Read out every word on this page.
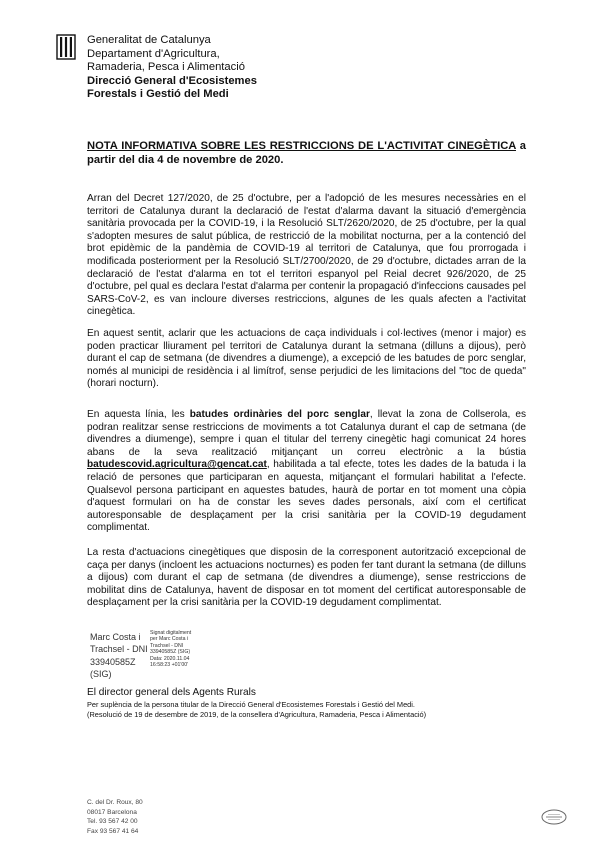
Generalitat de Catalunya
Departament d'Agricultura,
Ramaderia, Pesca i Alimentació
Direcció General d'Ecosistemes
Forestals i Gestió del Medi
NOTA INFORMATIVA SOBRE LES RESTRICCIONS DE L'ACTIVITAT CINEGÈTICA a partir del dia 4 de novembre de 2020.

Arran del Decret 127/2020, de 25 d'octubre, per a l'adopció de les mesures necessàries en el territori de Catalunya durant la declaració de l'estat d'alarma davant la situació d'emergència sanitària provocada per la COVID-19, i la Resolució SLT/2620/2020, de 25 d'octubre, per la qual s'adopten mesures de salut pública, de restricció de la mobilitat nocturna, per a la contenció del brot epidèmic de la pandèmia de COVID-19 al territori de Catalunya, que fou prorrogada i modificada posteriorment per la Resolució SLT/2700/2020, de 29 d'octubre, dictades arran de la declaració de l'estat d'alarma en tot el territori espanyol pel Reial decret 926/2020, de 25 d'octubre, pel qual es declara l'estat d'alarma per contenir la propagació d'infeccions causades pel SARS-CoV-2, es van incloure diverses restriccions, algunes de les quals afecten a l'activitat cinegètica.

En aquest sentit, aclarir que les actuacions de caça individuals i col·lectives (menor i major) es poden practicar lliurament pel territori de Catalunya durant la setmana (dilluns a dijous), però durant el cap de setmana (de divendres a diumenge), a excepció de les batudes de porc senglar, només al municipi de residència i al limítrof, sense perjudici de les limitacions del "toc de queda" (horari nocturn).

En aquesta línia, les batudes ordinàries del porc senglar, llevat la zona de Collserola, es podran realitzar sense restriccions de moviments a tot Catalunya durant el cap de setmana (de divendres a diumenge), sempre i quan el titular del terreny cinegètic hagi comunicat 24 hores abans de la seva realització mitjançant un correu electrònic a la bústia batudescovid.agricultura@gencat.cat, habilitada a tal efecte, totes les dades de la batuda i la relació de persones que participaran en aquesta, mitjançant el formulari habilitat a l'efecte. Qualsevol persona participant en aquestes batudes, haurà de portar en tot moment una còpia d'aquest formulari on ha de constar les seves dades personals, així com el certificat autoresponsable de desplaçament per la crisi sanitària per la COVID-19 degudament complimentat.

La resta d'actuacions cinegètiques que disposin de la corresponent autorització excepcional de caça per danys (incloent les actuacions nocturnes) es poden fer tant durant la setmana (de dilluns a dijous) com durant el cap de setmana (de divendres a diumenge), sense restriccions de mobilitat dins de Catalunya, havent de disposar en tot moment del certificat autoresponsable de desplaçament per la crisi sanitària per la COVID-19 degudament complimentat.

Marc Costa i
Trachsel - DNI
33940585Z
(SIG)
Signat digitalment
per Marc Costa i
Trachsel - DNI
33940585Z (SIG)
Data: 2020.11.04
16:58:23 +01'00'
El director general dels Agents Rurals
Per suplència de la persona titular de la Direcció General d'Ecosistemes Forestals i Gestió del Medi.
(Resolució de 19 de desembre de 2019, de la consellera d'Agricultura, Ramaderia, Pesca i Alimentació)
C. del Dr. Roux, 80
08017 Barcelona
Tel. 93 567 42 00
Fax 93 567 41 64
